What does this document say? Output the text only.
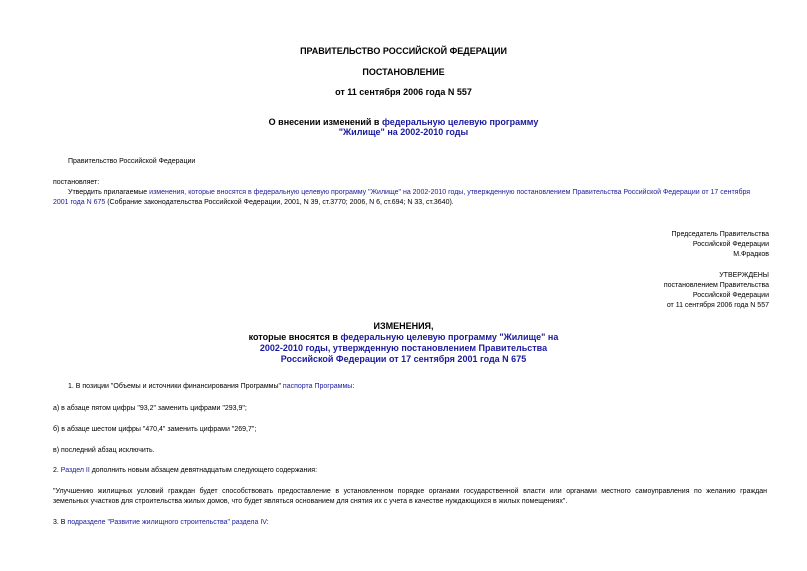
ПРАВИТЕЛЬСТВО РОССИЙСКОЙ ФЕДЕРАЦИИ
ПОСТАНОВЛЕНИЕ
от 11 сентября 2006 года N 557
О внесении изменений в федеральную целевую программу
"Жилище" на 2002-2010 годы
Правительство Российской Федерации
постановляет:
Утвердить прилагаемые изменения, которые вносятся в федеральную целевую программу "Жилище" на 2002-2010 годы, утвержденную постановлением Правительства Российской Федерации от 17 сентября
2001 года N 675 (Собрание законодательства Российской Федерации, 2001, N 39, ст.3770; 2006, N 6, ст.694; N 33, ст.3640).
Председатель Правительства
Российской Федерации
М.Фрадков
УТВЕРЖДЕНЫ
постановлением Правительства
Российской Федерации
от 11 сентября 2006 года N 557
ИЗМЕНЕНИЯ,
которые вносятся в федеральную целевую программу "Жилище" на
2002-2010 годы, утвержденную постановлением Правительства
Российской Федерации от 17 сентября 2001 года N 675
1. В позиции "Объемы и источники финансирования Программы" паспорта Программы:
а) в абзаце пятом цифры "93,2" заменить цифрами "293,9";
б) в абзаце шестом цифры "470,4" заменить цифрами "269,7";
в) последний абзац исключить.
2. Раздел II дополнить новым абзацем девятнадцатым следующего содержания:
"Улучшению жилищных условий граждан будет способствовать предоставление в установленном порядке органами государственной власти или органами местного самоуправления по желанию граждан
земельных участков для строительства жилых домов, что будет являться основанием для снятия их с учета в качестве нуждающихся в жилых помещениях".
3. В подразделе "Развитие жилищного строительства" раздела IV:
